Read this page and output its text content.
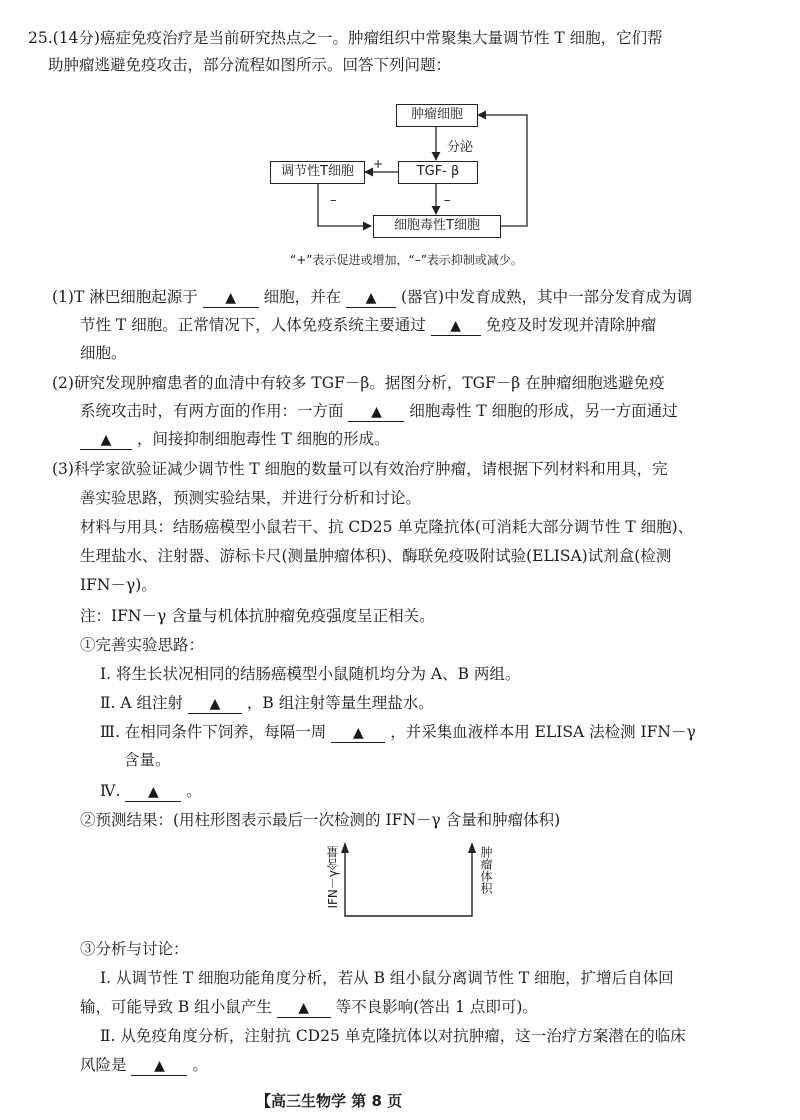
25.(14分)癌症免疫治疗是当前研究热点之一。肿瘤组织中常聚集大量调节性 T 细胞，它们帮
助肿瘤逃避免疫攻击，部分流程如图所示。回答下列问题：
肿瘤细胞
分泌
TGF- β
调节性T细胞
细胞毒性T细胞
+
–	–
“+”表示促进或增加，“–”表示抑制或减少。
(1)T 淋巴细胞起源于 ▲ 细胞，并在 ▲ (器官)中发育成熟，其中一部分发育成为调
节性 T 细胞。正常情况下，人体免疫系统主要通过 ▲ 免疫及时发现并清除肿瘤
细胞。
(2)研究发现肿瘤患者的血清中有较多 TGF－β。据图分析，TGF－β 在肿瘤细胞逃避免疫
系统攻击时，有两方面的作用：一方面 ▲ 细胞毒性 T 细胞的形成，另一方面通过
▲ ，间接抑制细胞毒性 T 细胞的形成。
(3)科学家欲验证减少调节性 T 细胞的数量可以有效治疗肿瘤，请根据下列材料和用具，完
善实验思路，预测实验结果，并进行分析和讨论。
材料与用具：结肠癌模型小鼠若干、抗 CD25 单克隆抗体(可消耗大部分调节性 T 细胞)、
生理盐水、注射器、游标卡尺(测量肿瘤体积)、酶联免疫吸附试验(ELISA)试剂盒(检测
IFN－γ)。
注：IFN－γ 含量与机体抗肿瘤免疫强度呈正相关。
①完善实验思路：
Ⅰ. 将生长状况相同的结肠癌模型小鼠随机均分为 A、B 两组。
Ⅱ. A 组注射 ▲ ，B 组注射等量生理盐水。
Ⅲ. 在相同条件下饲养，每隔一周 ▲ ，并采集血液样本用 ELISA 法检测 IFN－γ
含量。
Ⅳ. ▲ 。
②预测结果：(用柱形图表示最后一次检测的 IFN－γ 含量和肿瘤体积)
IFN－γ含量	肿瘤体积
③分析与讨论：
Ⅰ. 从调节性 T 细胞功能角度分析，若从 B 组小鼠分离调节性 T 细胞，扩增后自体回
输，可能导致 B 组小鼠产生 ▲ 等不良影响(答出 1 点即可)。
Ⅱ. 从免疫角度分析，注射抗 CD25 单克隆抗体以对抗肿瘤，这一治疗方案潜在的临床
风险是 ▲ 。
【高三生物学 第 8 页
